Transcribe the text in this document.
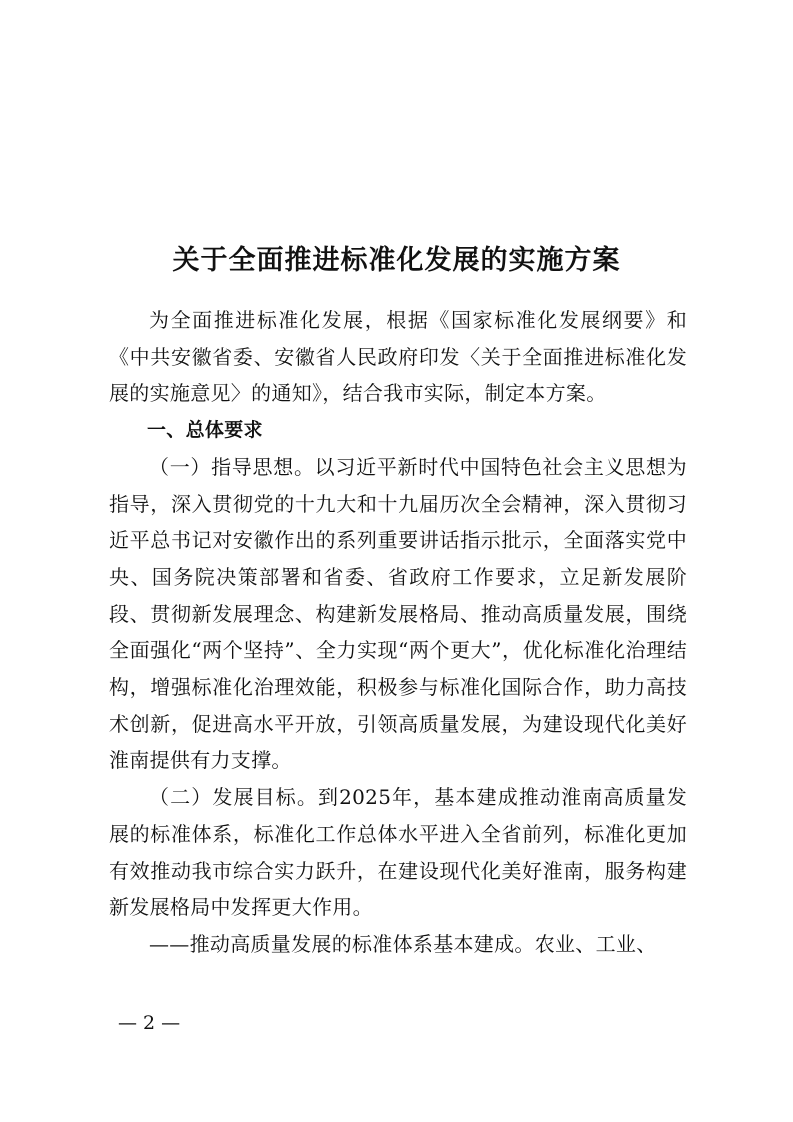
关于全面推进标准化发展的实施方案

为全面推进标准化发展，根据《国家标准化发展纲要》和《中共安徽省委、安徽省人民政府印发〈关于全面推进标准化发展的实施意见〉的通知》，结合我市实际，制定本方案。

一、总体要求

（一）指导思想。以习近平新时代中国特色社会主义思想为指导，深入贯彻党的十九大和十九届历次全会精神，深入贯彻习近平总书记对安徽作出的系列重要讲话指示批示，全面落实党中央、国务院决策部署和省委、省政府工作要求，立足新发展阶段、贯彻新发展理念、构建新发展格局、推动高质量发展，围绕全面强化“两个坚持”、全力实现“两个更大”，优化标准化治理结构，增强标准化治理效能，积极参与标准化国际合作，助力高技术创新，促进高水平开放，引领高质量发展，为建设现代化美好淮南提供有力支撑。

（二）发展目标。到2025年，基本建成推动淮南高质量发展的标准体系，标准化工作总体水平进入全省前列，标准化更加有效推动我市综合实力跃升，在建设现代化美好淮南，服务构建新发展格局中发挥更大作用。

——推动高质量发展的标准体系基本建成。农业、工业、

— 2 —
